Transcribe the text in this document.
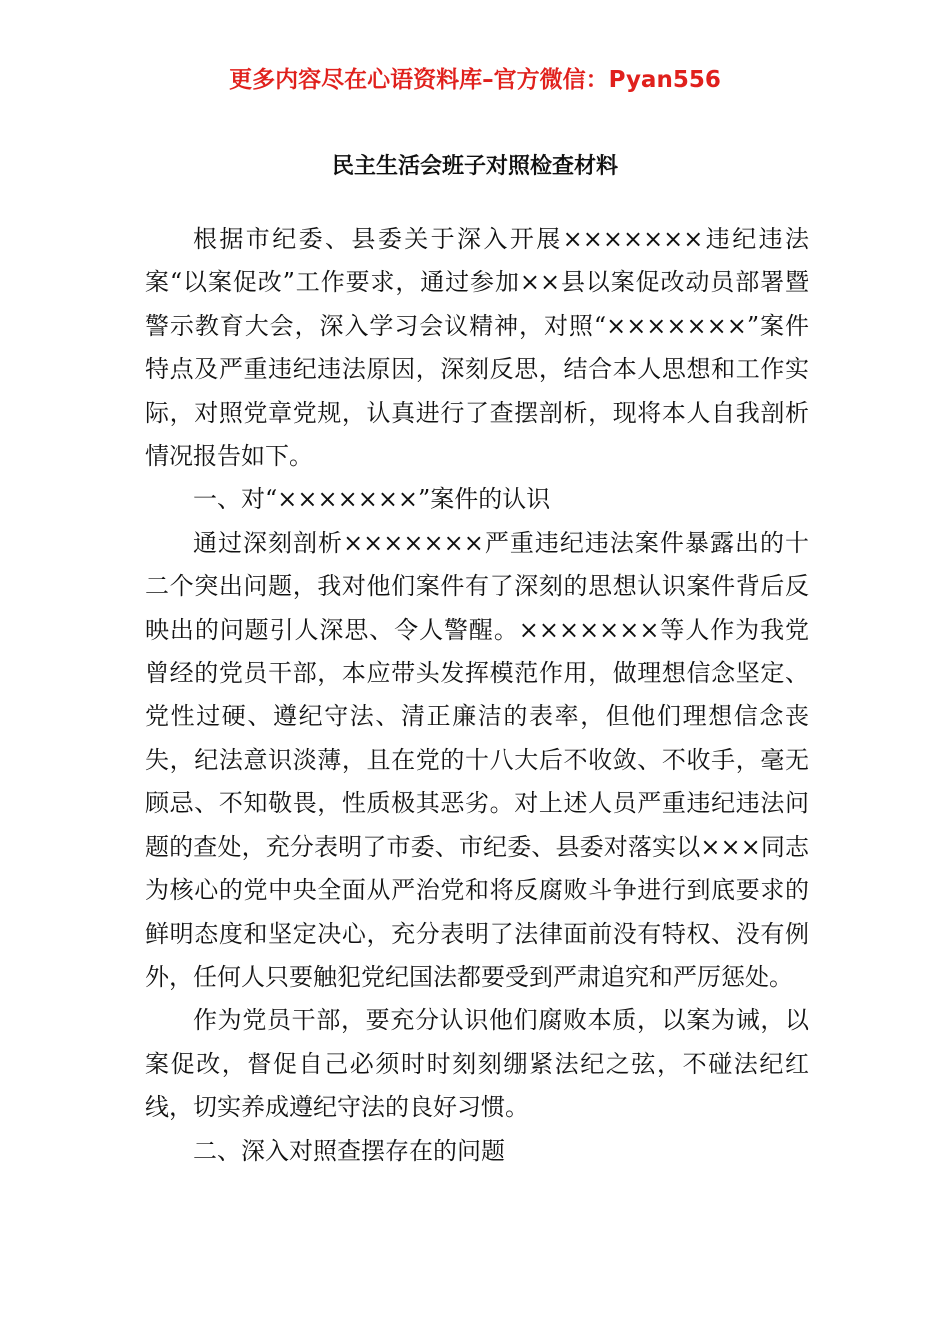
更多内容尽在心语资料库–官方微信：Pyan556
民主生活会班子对照检查材料

根据市纪委、县委关于深入开展×××××××违纪违法案“以案促改”工作要求，通过参加××县以案促改动员部署暨警示教育大会，深入学习会议精神，对照“×××××××”案件特点及严重违纪违法原因，深刻反思，结合本人思想和工作实际，对照党章党规，认真进行了查摆剖析，现将本人自我剖析情况报告如下。

一、对“×××××××”案件的认识

通过深刻剖析×××××××严重违纪违法案件暴露出的十二个突出问题，我对他们案件有了深刻的思想认识案件背后反映出的问题引人深思、令人警醒。×××××××等人作为我党曾经的党员干部，本应带头发挥模范作用，做理想信念坚定、党性过硬、遵纪守法、清正廉洁的表率，但他们理想信念丧失，纪法意识淡薄，且在党的十八大后不收敛、不收手，毫无顾忌、不知敬畏，性质极其恶劣。对上述人员严重违纪违法问题的查处，充分表明了市委、市纪委、县委对落实以×××同志为核心的党中央全面从严治党和将反腐败斗争进行到底要求的鲜明态度和坚定决心，充分表明了法律面前没有特权、没有例外，任何人只要触犯党纪国法都要受到严肃追究和严厉惩处。

作为党员干部，要充分认识他们腐败本质，以案为诫，以案促改，督促自己必须时时刻刻绷紧法纪之弦，不碰法纪红线，切实养成遵纪守法的良好习惯。

二、深入对照查摆存在的问题
